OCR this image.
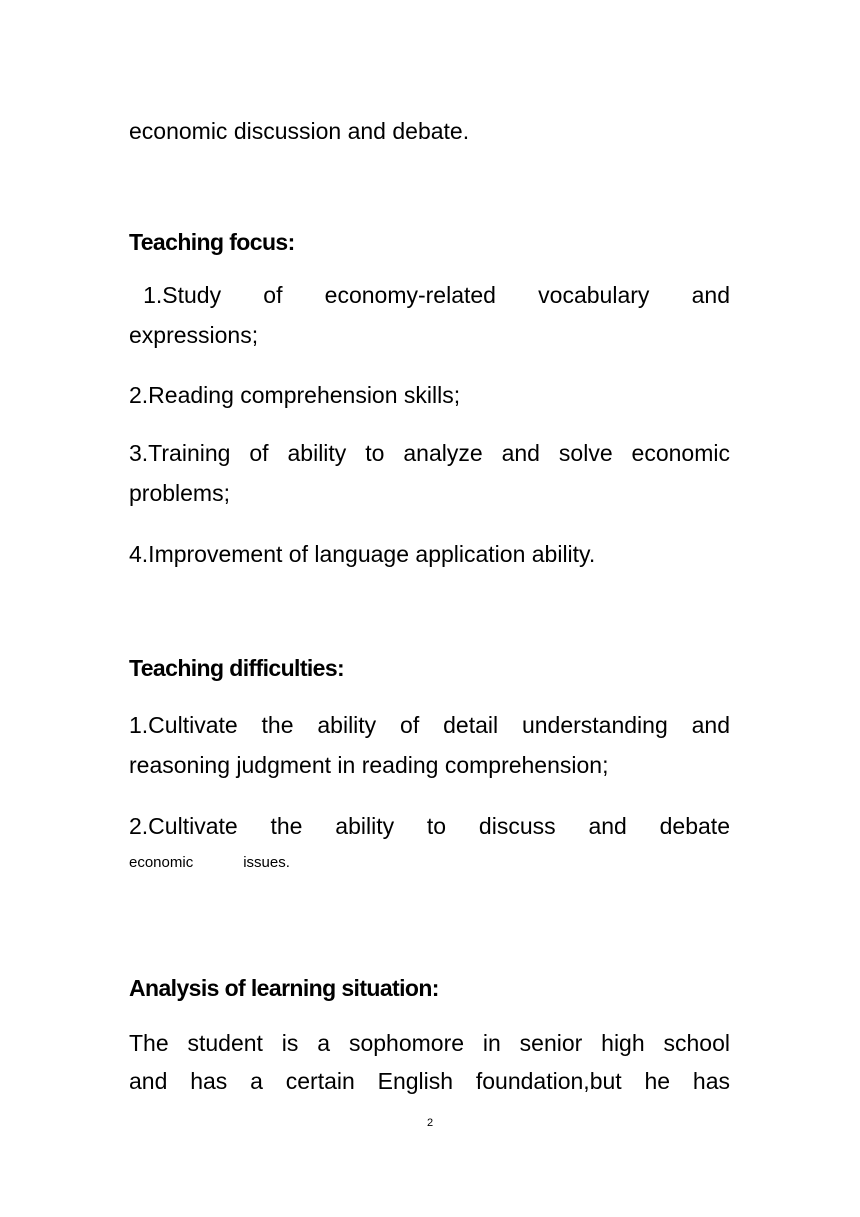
economic discussion and debate.

Teaching focus:

1.Study   of   economy-related   vocabulary   and

expressions;

2.Reading comprehension skills;

3.Training of ability to analyze and solve economic

problems;

4.Improvement of language application ability.

Teaching difficulties:

1.Cultivate the ability of detail understanding and

reasoning judgment in reading comprehension;

2.Cultivate the ability to discuss and debate

economic            issues.

Analysis of learning situation:

The student is a sophomore in senior high school

and has a certain English foundation,but he has

2
